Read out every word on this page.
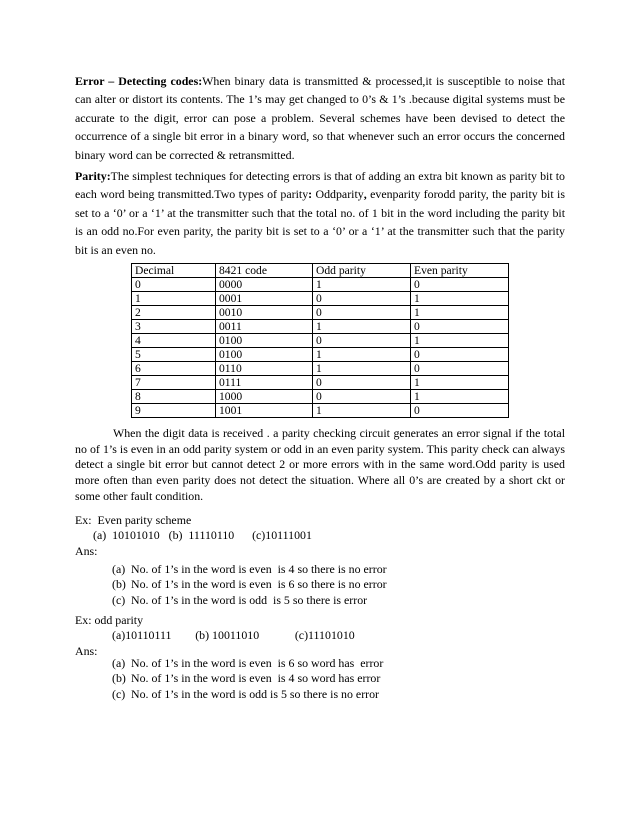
Error – Detecting codes:When binary data is transmitted & processed,it is susceptible to noise that can alter or distort its contents. The 1’s may get changed to 0’s & 1’s .because digital systems must be accurate to the digit, error can pose a problem. Several schemes have been devised to detect the occurrence of a single bit error in a binary word, so that whenever such an error occurs the concerned binary word can be corrected & retransmitted.

Parity:The simplest techniques for detecting errors is that of adding an extra bit known as parity bit to each word being transmitted.Two types of parity: Oddparity, evenparity forodd parity, the parity bit is set to a ‘0’ or a ‘1’ at the transmitter such that the total no. of 1 bit in the word including the parity bit is an odd no.For even parity, the parity bit is set to a ‘0’ or a ‘1’ at the transmitter such that the parity bit is an even no.

Decimal	8421 code	Odd parity	Even parity
0	0000	1	0
1	0001	0	1
2	0010	0	1
3	0011	1	0
4	0100	0	1
5	0100	1	0
6	0110	1	0
7	0111	0	1
8	1000	0	1
9	1001	1	0

When the digit data is received . a parity checking circuit generates an error signal if the total no of 1’s is even in an odd parity system or odd in an even parity system. This parity check can always detect a single bit error but cannot detect 2 or more errors with in the same word.Odd parity is used more often than even parity does not detect the situation. Where all 0’s are created by a short ckt or some other fault condition.

Ex:  Even parity scheme
(a)  10101010   (b)  11110110      (c)10111001
Ans:
(a) No. of 1’s in the word is even  is 4 so there is no error
(b) No. of 1’s in the word is even  is 6 so there is no error
(c) No. of 1’s in the word is odd  is 5 so there is error
Ex: odd parity
(a)10110111        (b) 10011010            (c)11101010
Ans:
(a) No. of 1’s in the word is even  is 6 so word has  error
(b) No. of 1’s in the word is even  is 4 so word has error
(c) No. of 1’s in the word is odd is 5 so there is no error
